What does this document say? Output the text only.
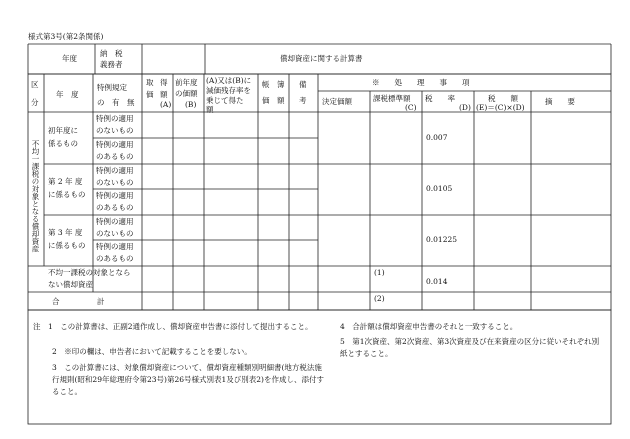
様式第3号(第2条関係)
年度
納　税
義務者
償却資産に関する計算書
区
分
年　度
特例規定
の　有　無
取
価
得
額
(A)
前年度
の価額
(B)
(A)又は(B)に
減価残存率を
乗じて得た
額
帳 簿
価 額
備
考
※　　処　　理　　事　　項
決定価額	課税標準額
(C)
税　　率
(D)
税　　額
(E)＝(C)×(D)
摘　　要
不均一課税の対象となる償却資産
初年度に
係るもの
特例の適用
のないもの
特例の適用
のあるもの
0.007
第 2 年 度
に係るもの
特例の適用
のないもの
特例の適用
のあるもの
0.0105
第 3 年 度
に係るもの
特例の適用
のないもの
特例の適用
のあるもの
0.01225
不均一課税の対象となら
ない償却資産
(1)
0.014
合　　　　　計	(2)
注　1　この計算書は、正副2通作成し、償却資産申告書に添付して提出すること。
2　※印の欄は、申告者において記載することを要しない。
3　この計算書には、対象償却資産について、償却資産種類別明細書(地方税法施行規則(昭和29年総理府令第23号)第26号様式別表1及び別表2)を作成し、添付すること。
4　合計額は償却資産申告書のそれと一致すること。
5　第1次資産、第2次資産、第3次資産及び在来資産の区分に従いそれぞれ別紙とすること。
